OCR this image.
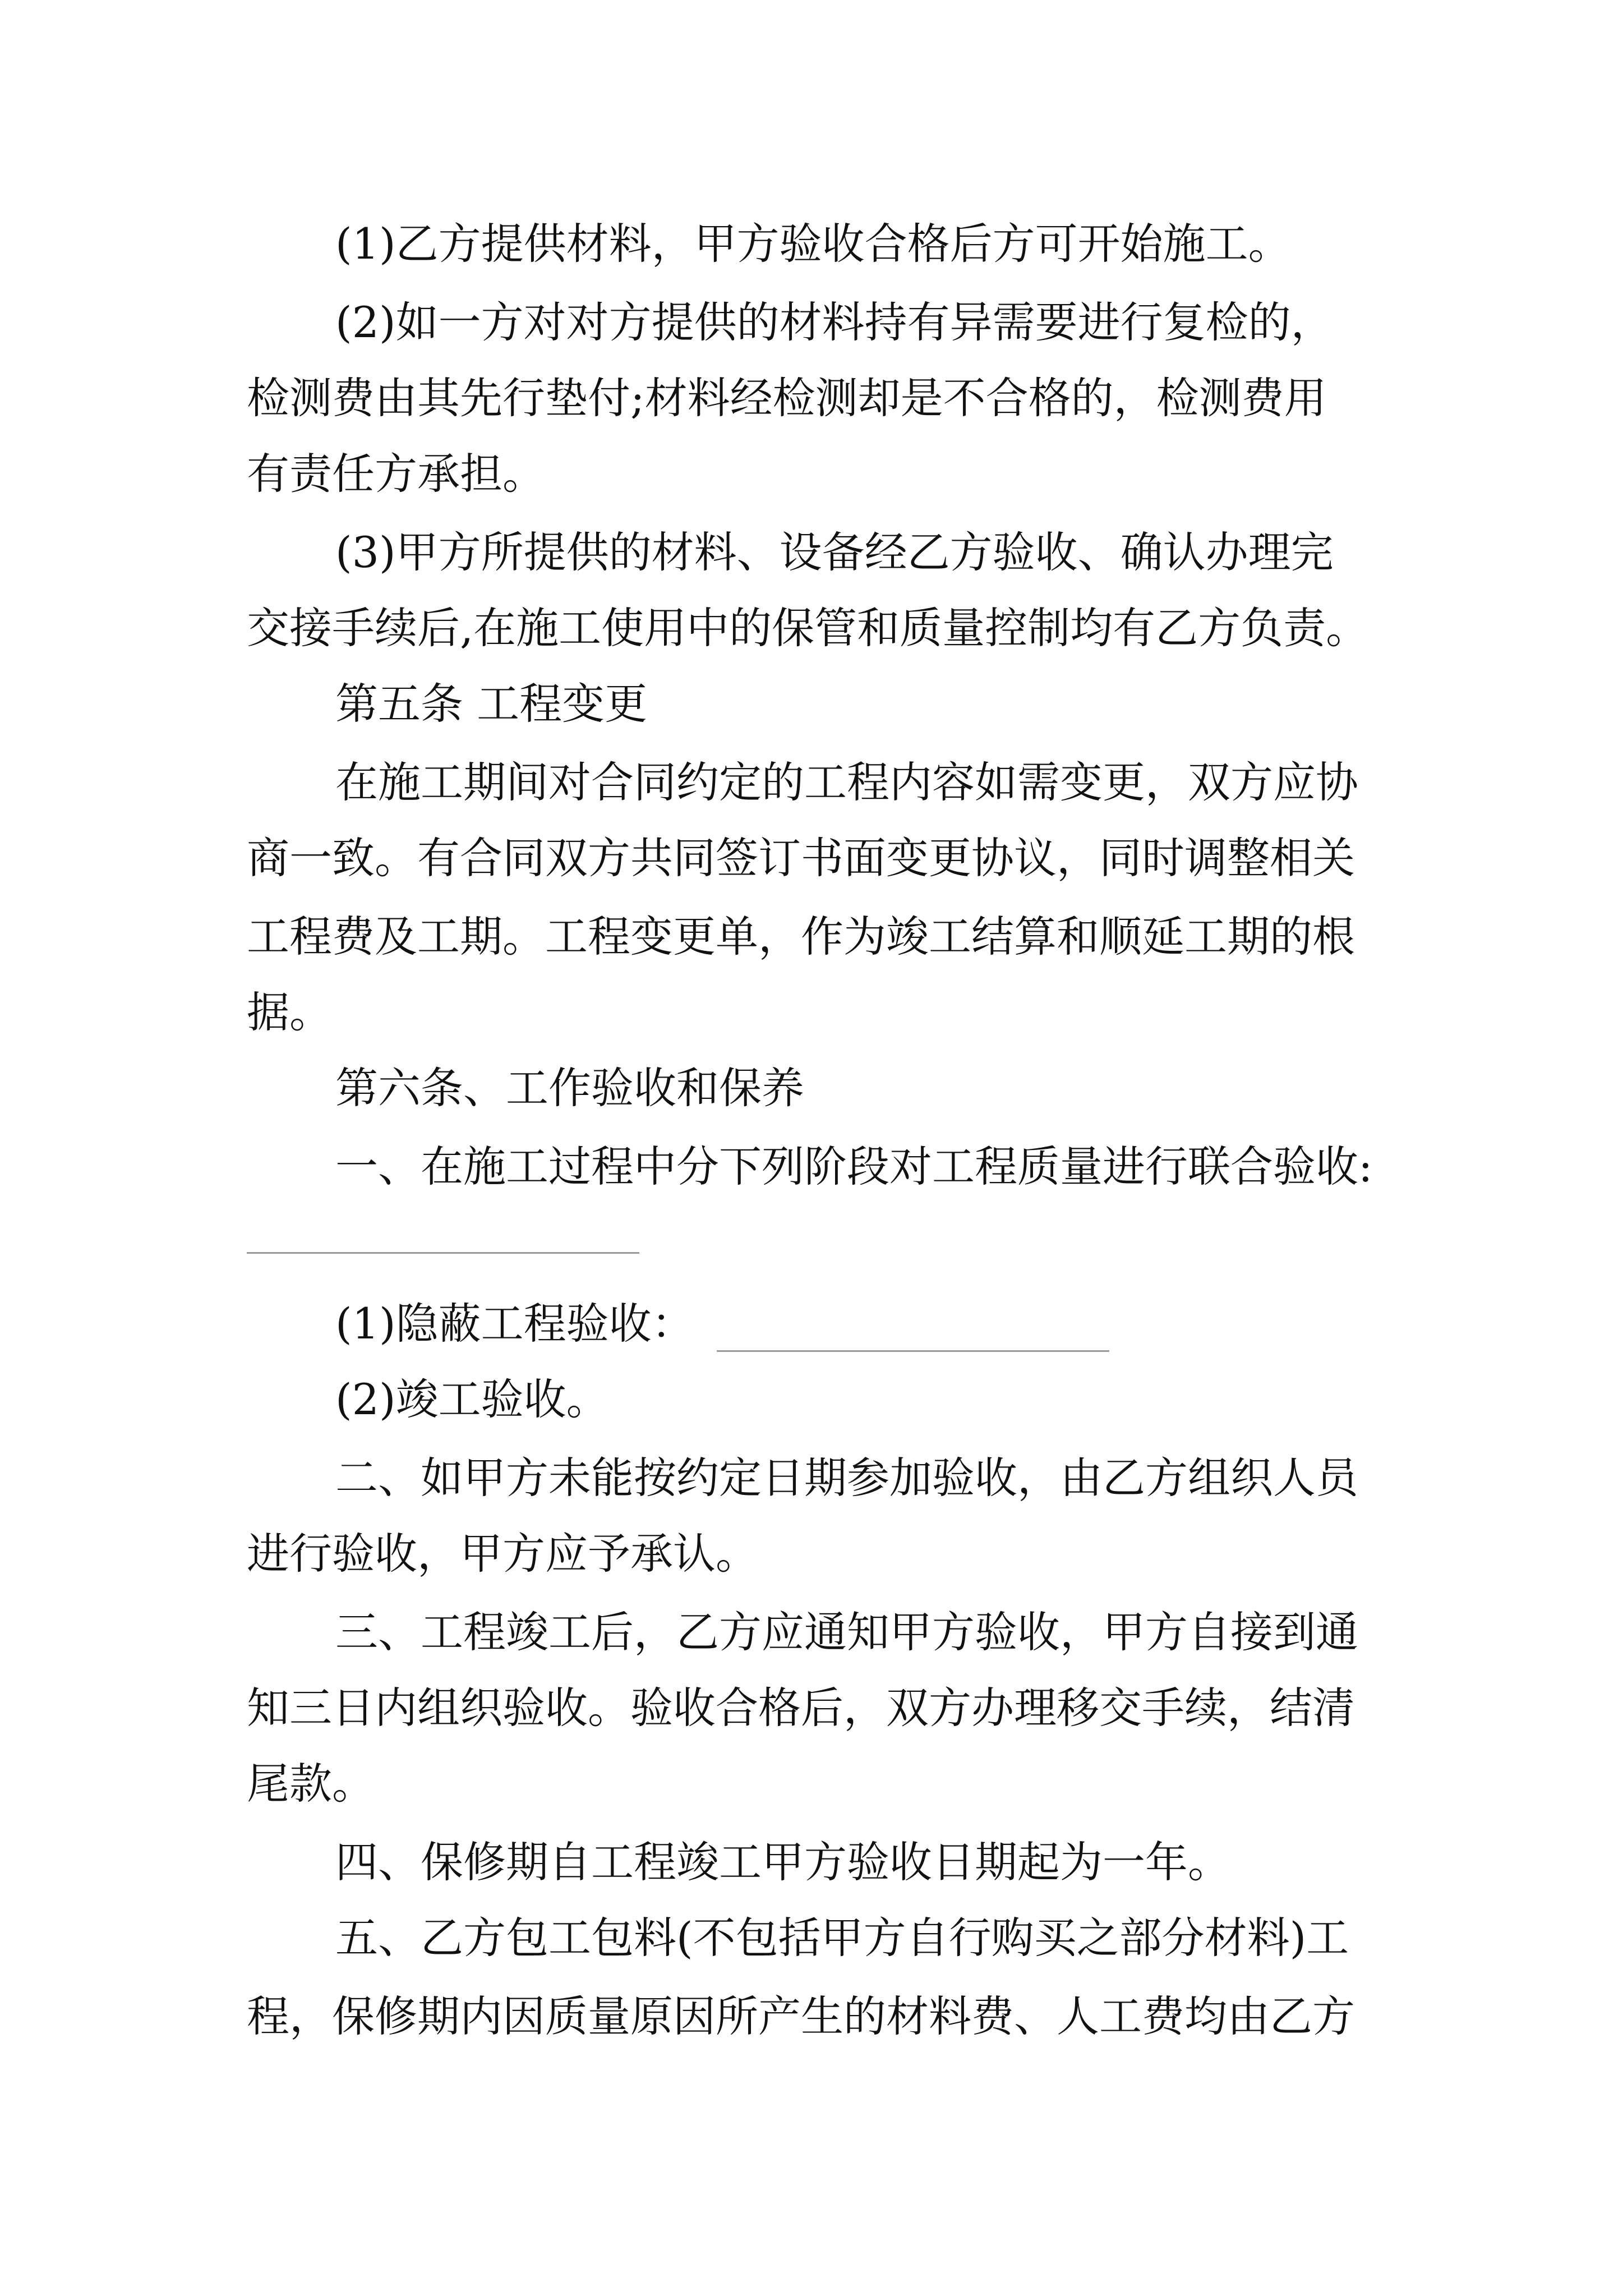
(1)乙方提供材料，甲方验收合格后方可开始施工。
(2)如一方对对方提供的材料持有异需要进行复检的，
检测费由其先行垫付;材料经检测却是不合格的，检测费用
有责任方承担。
(3)甲方所提供的材料、设备经乙方验收、确认办理完
交接手续后,在施工使用中的保管和质量控制均有乙方负责。
第五条 工程变更
在施工期间对合同约定的工程内容如需变更，双方应协
商一致。有合同双方共同签订书面变更协议，同时调整相关
工程费及工期。工程变更单，作为竣工结算和顺延工期的根
据。
第六条、工作验收和保养
一、在施工过程中分下列阶段对工程质量进行联合验收:
(1)隐蔽工程验收：
(2)竣工验收。
二、如甲方未能按约定日期参加验收，由乙方组织人员
进行验收，甲方应予承认。
三、工程竣工后，乙方应通知甲方验收，甲方自接到通
知三日内组织验收。验收合格后，双方办理移交手续，结清
尾款。
四、保修期自工程竣工甲方验收日期起为一年。
五、乙方包工包料(不包括甲方自行购买之部分材料)工
程，保修期内因质量原因所产生的材料费、人工费均由乙方
